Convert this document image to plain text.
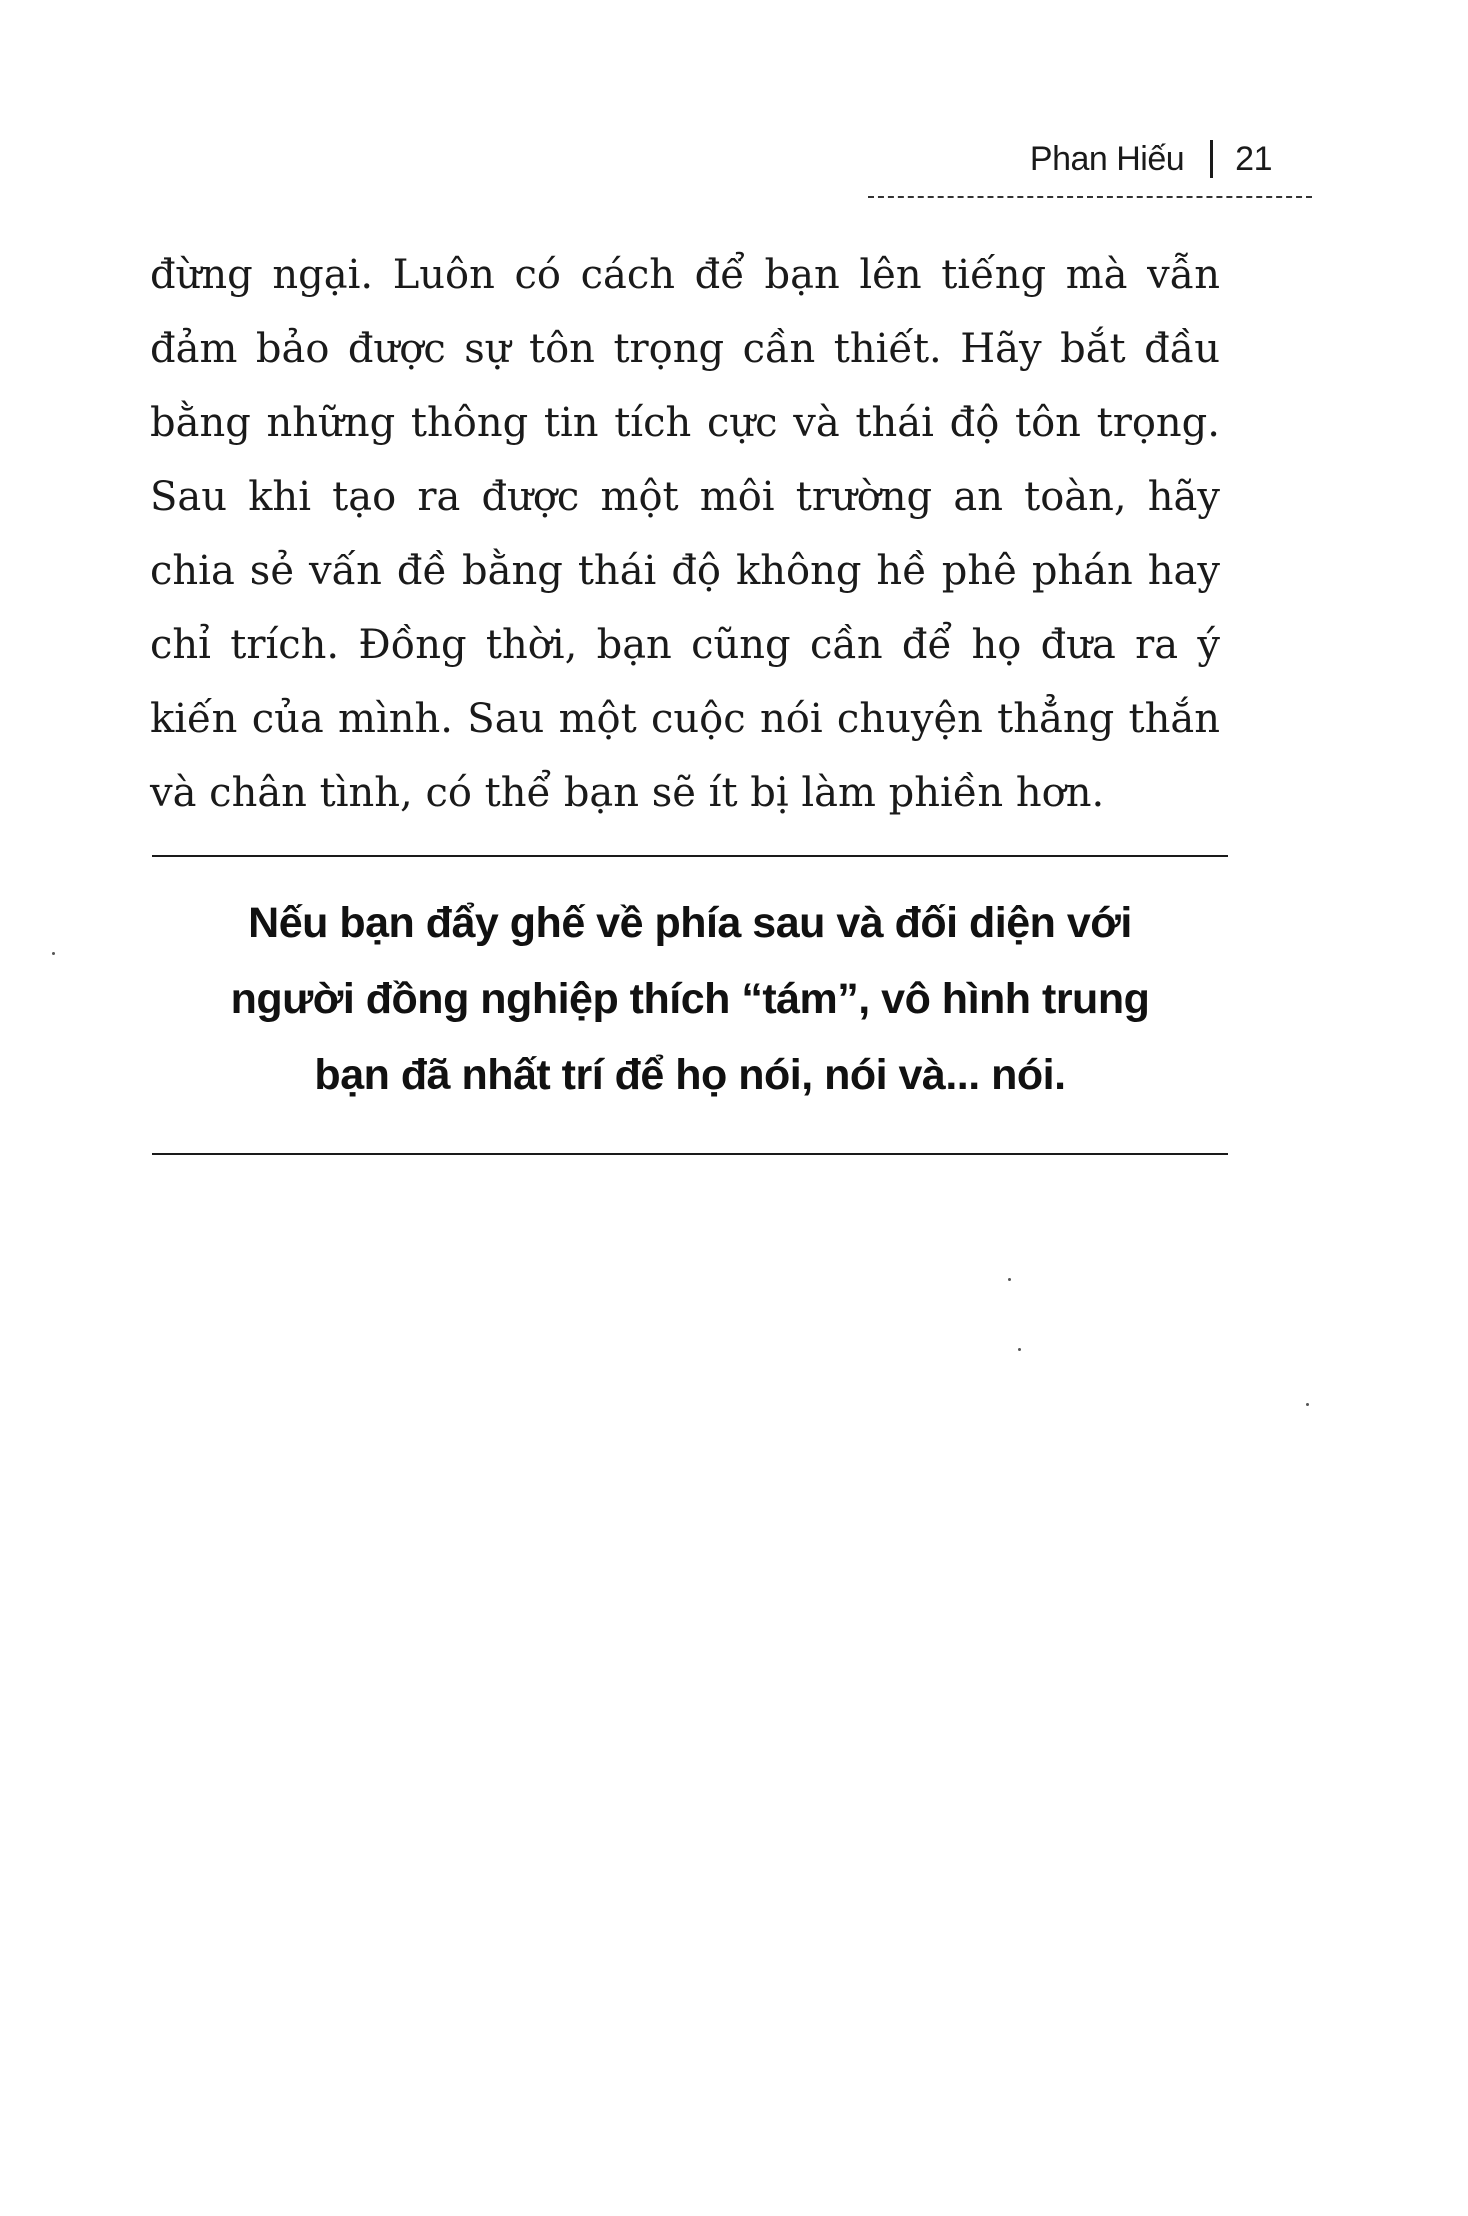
Phan Hiếu 21

đừng ngại. Luôn có cách để bạn lên tiếng mà vẫn đảm bảo được sự tôn trọng cần thiết. Hãy bắt đầu bằng những thông tin tích cực và thái độ tôn trọng. Sau khi tạo ra được một môi trường an toàn, hãy chia sẻ vấn đề bằng thái độ không hề phê phán hay chỉ trích. Đồng thời, bạn cũng cần để họ đưa ra ý kiến của mình. Sau một cuộc nói chuyện thẳng thắn và chân tình, có thể bạn sẽ ít bị làm phiền hơn.

Nếu bạn đẩy ghế về phía sau và đối diện với người đồng nghiệp thích “tám”, vô hình trung bạn đã nhất trí để họ nói, nói và... nói.
